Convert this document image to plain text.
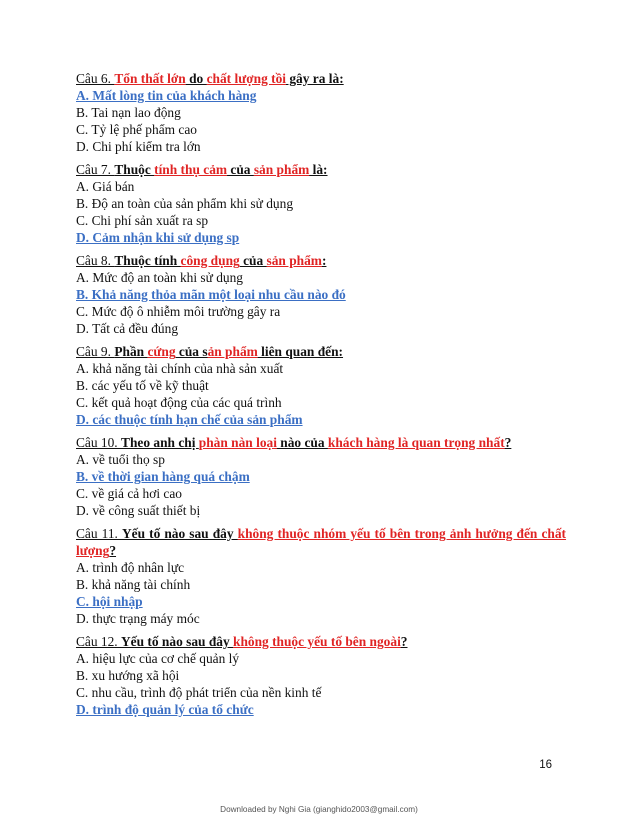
Câu 6. Tổn thất lớn do chất lượng tồi gây ra là:
A. Mất lòng tin của khách hàng
B. Tai nạn lao động
C. Tỷ lệ phế phẩm cao
D. Chi phí kiểm tra lớn
Câu 7. Thuộc tính thụ cảm của sản phẩm là:
A. Giá bán
B. Độ an toàn của sản phẩm khi sử dụng
C. Chi phí sản xuất ra sp
D. Cảm nhận khi sử dụng sp
Câu 8. Thuộc tính công dụng của sản phẩm:
A. Mức độ an toàn khi sử dụng
B. Khả năng thỏa mãn một loại nhu cầu nào đó
C. Mức độ ô nhiễm môi trường gây ra
D. Tất cả đều đúng
Câu 9. Phần cứng của sản phẩm liên quan đến:
A. khả năng tài chính của nhà sản xuất
B. các yếu tố về kỹ thuật
C. kết quả hoạt động của các quá trình
D. các thuộc tính hạn chế của sản phẩm
Câu 10. Theo anh chị phàn nàn loại nào của khách hàng là quan trọng nhất?
A. về tuổi thọ sp
B. về thời gian hàng quá chậm
C. về giá cả hơi cao
D. về công suất thiết bị
Câu 11. Yếu tố nào sau đây không thuộc nhóm yếu tố bên trong ảnh hưởng đến chất lượng?
A. trình độ nhân lực
B. khả năng tài chính
C. hội nhập
D. thực trạng máy móc
Câu 12. Yếu tố nào sau đây không thuộc yếu tố bên ngoài?
A. hiệu lực của cơ chế quản lý
B. xu hướng xã hội
C. nhu cầu, trình độ phát triển của nền kinh tế
D. trình độ quản lý của tổ chức
16
Downloaded by Nghi Gia (gianghido2003@gmail.com)
